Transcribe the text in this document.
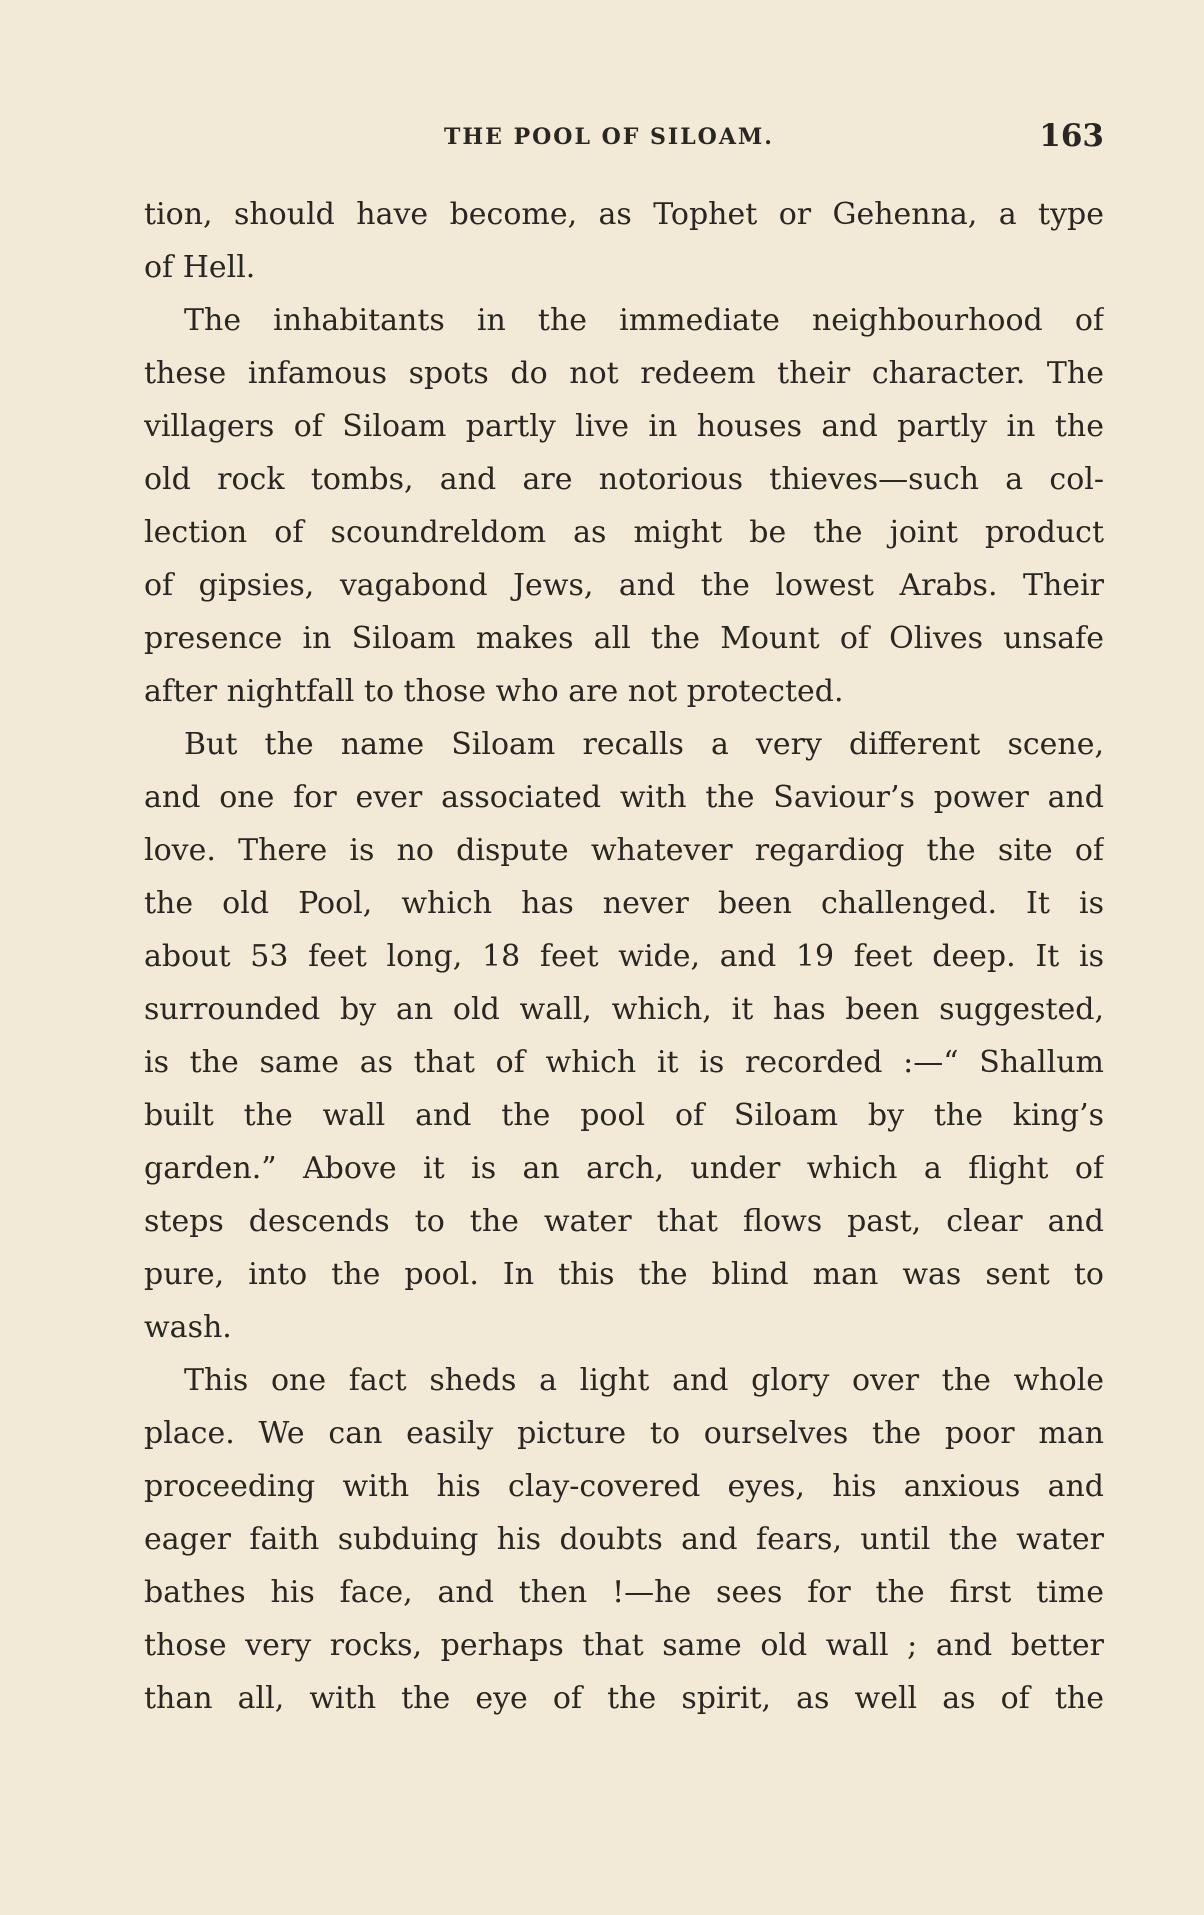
THE POOL OF SILOAM.	163
tion, should have become, as Tophet or Gehenna, a type
of Hell.
The inhabitants in the immediate neighbourhood of
these infamous spots do not redeem their character. The
villagers of Siloam partly live in houses and partly in the
old rock tombs, and are notorious thieves—such a col-
lection of scoundreldom as might be the joint product
of gipsies, vagabond Jews, and the lowest Arabs. Their
presence in Siloam makes all the Mount of Olives unsafe
after nightfall to those who are not protected.
But the name Siloam recalls a very different scene,
and one for ever associated with the Saviour’s power and
love. There is no dispute whatever regardiog the site of
the old Pool, which has never been challenged. It is
about 53 feet long, 18 feet wide, and 19 feet deep. It is
surrounded by an old wall, which, it has been suggested,
is the same as that of which it is recorded :—“ Shallum
built the wall and the pool of Siloam by the king’s
garden.” Above it is an arch, under which a flight of
steps descends to the water that flows past, clear and
pure, into the pool. In this the blind man was sent to
wash.
This one fact sheds a light and glory over the whole
place. We can easily picture to ourselves the poor man
proceeding with his clay-covered eyes, his anxious and
eager faith subduing his doubts and fears, until the water
bathes his face, and then !—he sees for the first time
those very rocks, perhaps that same old wall ; and better
than all, with the eye of the spirit, as well as of the
